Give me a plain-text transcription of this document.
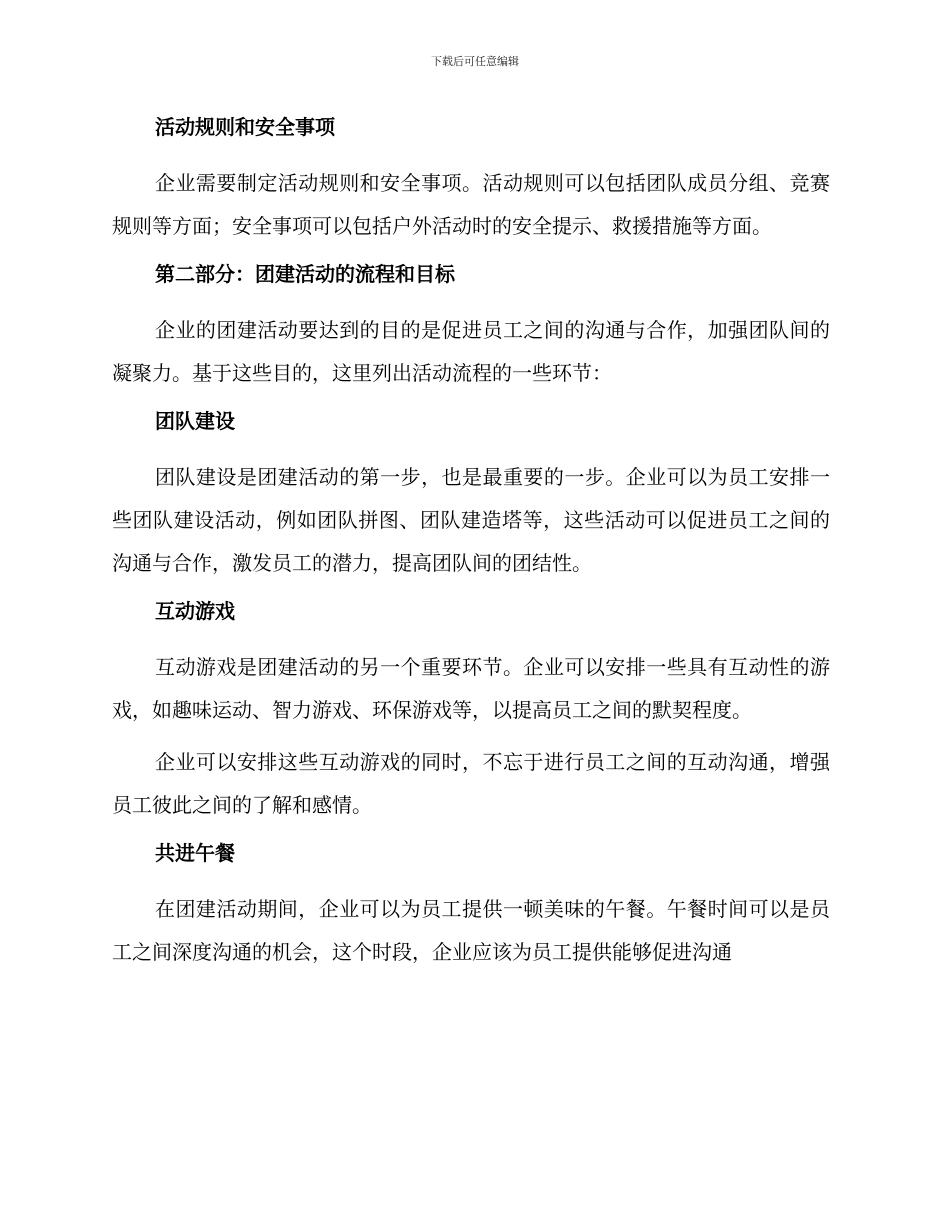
下载后可任意编辑
活动规则和安全事项
企业需要制定活动规则和安全事项。活动规则可以包括团队成员分组、竞赛规则等方面；安全事项可以包括户外活动时的安全提示、救援措施等方面。
第二部分：团建活动的流程和目标
企业的团建活动要达到的目的是促进员工之间的沟通与合作，加强团队间的凝聚力。基于这些目的，这里列出活动流程的一些环节：
团队建设
团队建设是团建活动的第一步，也是最重要的一步。企业可以为员工安排一些团队建设活动，例如团队拼图、团队建造塔等，这些活动可以促进员工之间的沟通与合作，激发员工的潜力，提高团队间的团结性。
互动游戏
互动游戏是团建活动的另一个重要环节。企业可以安排一些具有互动性的游戏，如趣味运动、智力游戏、环保游戏等，以提高员工之间的默契程度。
企业可以安排这些互动游戏的同时，不忘于进行员工之间的互动沟通，增强员工彼此之间的了解和感情。
共进午餐
在团建活动期间，企业可以为员工提供一顿美味的午餐。午餐时间可以是员工之间深度沟通的机会，这个时段，企业应该为员工提供能够促进沟通
